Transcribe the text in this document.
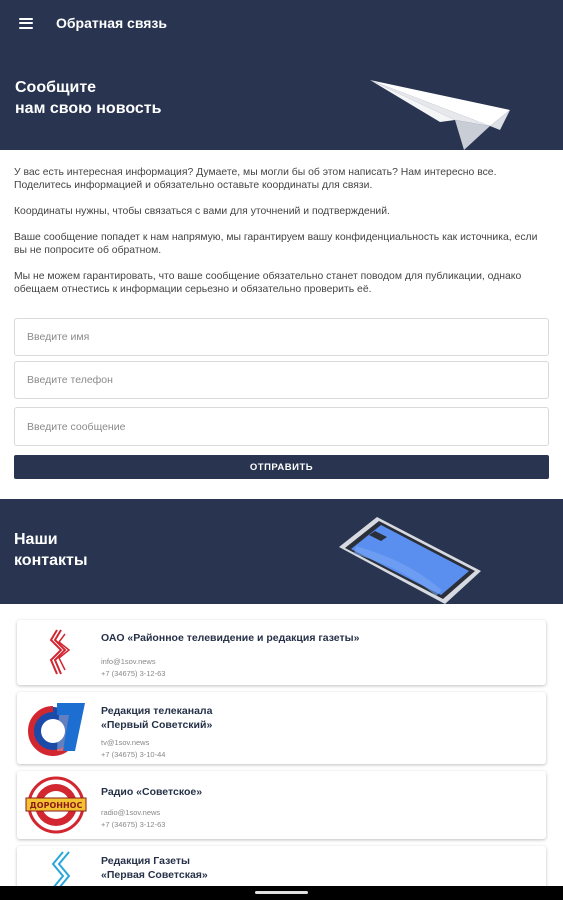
Обратная связь
Сообщите
нам свою новость

У вас есть интересная информация? Думаете, мы могли бы об этом написать? Нам интересно все. Поделитесь информацией и обязательно оставьте координаты для связи.

Координаты нужны, чтобы связаться с вами для уточнений и подтверждений.

Ваше сообщение попадет к нам напрямую, мы гарантируем вашу конфиденциальность как источника, если вы не попросите об обратном.

Мы не можем гарантировать, что ваше сообщение обязательно станет поводом для публикации, однако обещаем отнестись к информации серьезно и обязательно проверить её.

Введите имя
Введите телефон
Введите сообщение
ОТПРАВИТЬ
Наши
контакты
ОАО «Районное телевидение и редакция газеты»
info@1sov.news
+7 (34675) 3-12-63
Редакция телеканала
«Первый Советский»
tv@1sov.news
+7 (34675) 3-10-44
ДОРОННОС
Радио «Советское»
radio@1sov.news
+7 (34675) 3-12-63
Редакция Газеты
«Первая Советская»
